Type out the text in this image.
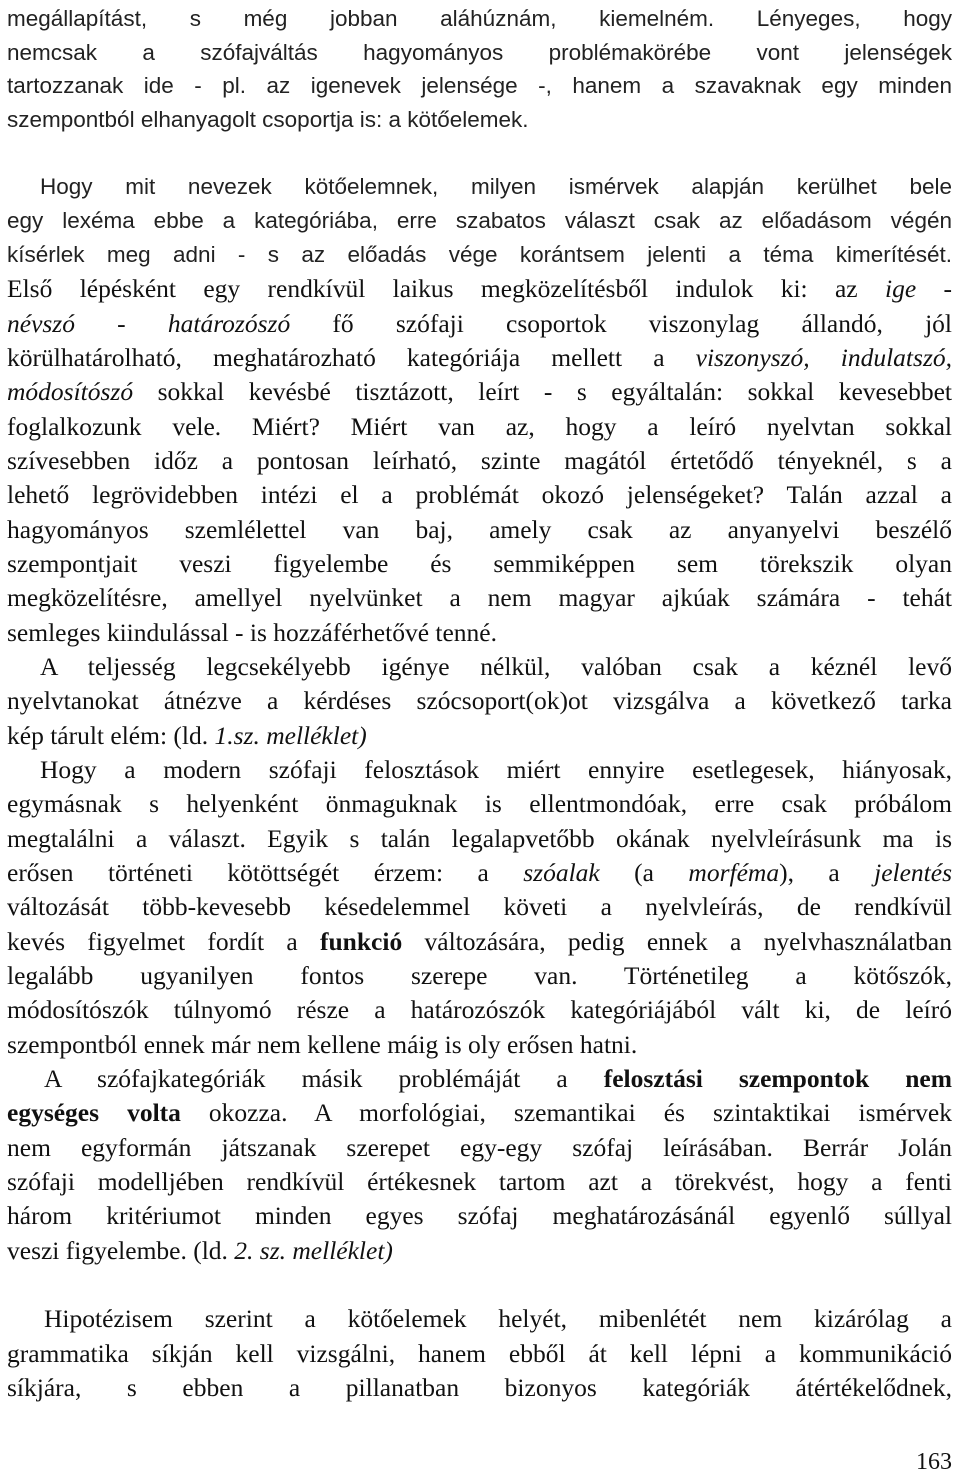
megállapítást, s még jobban aláhúznám, kiemelném. Lényeges, hogy
nemcsak a szófajváltás hagyományos problémakörébe vont jelenségek
tartozzanak ide - pl. az igenevek jelensége -, hanem a szavaknak egy minden
szempontból elhanyagolt csoportja is: a kötőelemek.
Hogy mit nevezek kötőelemnek, milyen ismérvek alapján kerülhet bele
egy lexéma ebbe a kategóriába, erre szabatos választ csak az előadásom végén
kísérlek meg adni - s az előadás vége korántsem jelenti a téma kimerítését.
Első lépésként egy rendkívül laikus megközelítésből indulok ki: az ige -
névszó - határozószó fő szófaji csoportok viszonylag állandó, jól
körülhatárolható, meghatározható kategóriája mellett a viszonyszó, indulatszó,
módosítószó sokkal kevésbé tisztázott, leírt - s egyáltalán: sokkal kevesebbet
foglalkozunk vele. Miért? Miért van az, hogy a leíró nyelvtan sokkal
szívesebben időz a pontosan leírható, szinte magától értetődő tényeknél, s a
lehető legrövidebben intézi el a problémát okozó jelenségeket? Talán azzal a
hagyományos szemlélettel van baj, amely csak az anyanyelvi beszélő
szempontjait veszi figyelembe és semmiképpen sem törekszik olyan
megközelítésre, amellyel nyelvünket a nem magyar ajkúak számára - tehát
semleges kiindulással - is hozzáférhetővé tenné.
A teljesség legcsekélyebb igénye nélkül, valóban csak a kéznél levő
nyelvtanokat átnézve a kérdéses szócsoport(ok)ot vizsgálva a következő tarka
kép tárult elém: (ld. 1.sz. melléklet)
Hogy a modern szófaji felosztások miért ennyire esetlegesek, hiányosak,
egymásnak s helyenként önmaguknak is ellentmondóak, erre csak próbálom
megtalálni a választ. Egyik s talán legalapvetőbb okának nyelvleírásunk ma is
erősen történeti kötöttségét érzem: a szóalak (a morféma), a jelentés
változását több-kevesebb késedelemmel követi a nyelvleírás, de rendkívül
kevés figyelmet fordít a funkció változására, pedig ennek a nyelvhasználatban
legalább ugyanilyen fontos szerepe van. Történetileg a kötőszók,
módosítószók túlnyomó része a határozószók kategóriájából vált ki, de leíró
szempontból ennek már nem kellene máig is oly erősen hatni.
A szófajkategóriák másik problémáját a felosztási szempontok nem
egységes volta okozza. A morfológiai, szemantikai és szintaktikai ismérvek
nem egyformán játszanak szerepet egy-egy szófaj leírásában. Berrár Jolán
szófaji modelljében rendkívül értékesnek tartom azt a törekvést, hogy a fenti
három kritériumot minden egyes szófaj meghatározásánál egyenlő súllyal
veszi figyelembe. (ld. 2. sz. melléklet)
Hipotézisem szerint a kötőelemek helyét, mibenlétét nem kizárólag a
grammatika síkján kell vizsgálni, hanem ebből át kell lépni a kommunikáció
síkjára, s ebben a pillanatban bizonyos kategóriák átértékelődnek,
163
